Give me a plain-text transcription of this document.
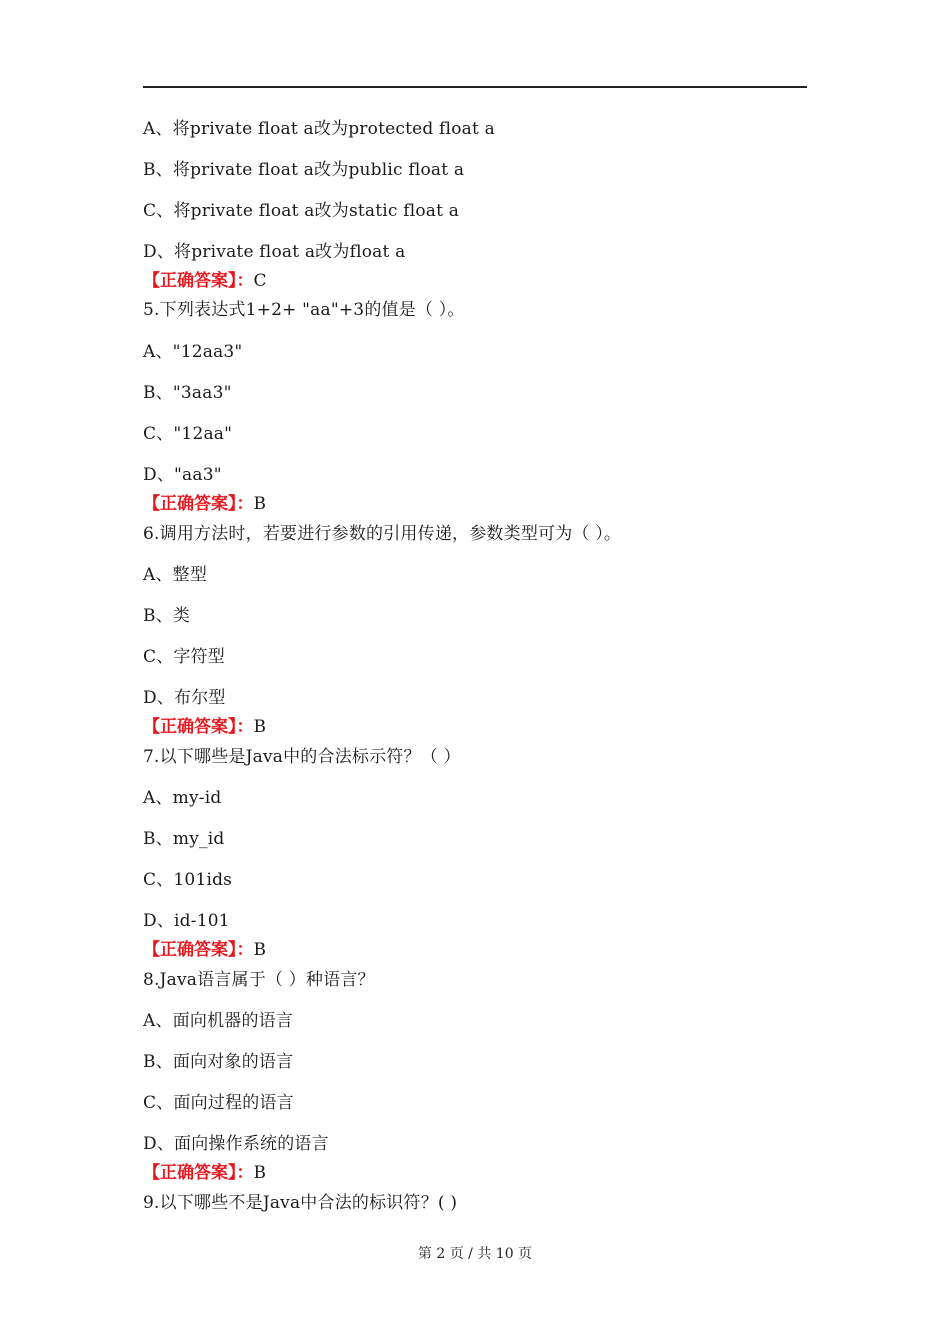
A、将private float a改为protected float a
B、将private float a改为public float a
C、将private float a改为static float a
D、将private float a改为float a
【正确答案】：C
5.下列表达式1+2+ "aa"+3的值是（ ）。
A、"12aa3"
B、"3aa3"
C、"12aa"
D、"aa3"
【正确答案】：B
6.调用方法时，若要进行参数的引用传递，参数类型可为（ ）。
A、整型
B、类
C、字符型
D、布尔型
【正确答案】：B
7.以下哪些是Java中的合法标示符？（ ）
A、my-id
B、my_id
C、101ids
D、id-101
【正确答案】：B
8.Java语言属于（ ）种语言？
A、面向机器的语言
B、面向对象的语言
C、面向过程的语言
D、面向操作系统的语言
【正确答案】：B
9.以下哪些不是Java中合法的标识符？( )
第 2 页 / 共 10 页
